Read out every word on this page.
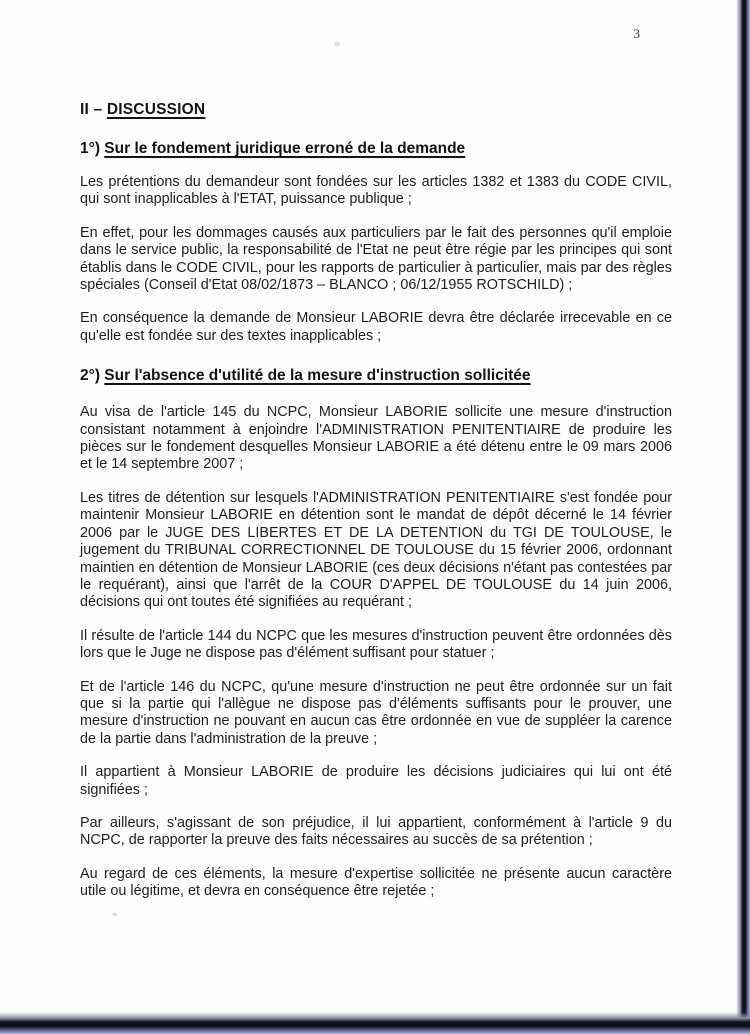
3
II – DISCUSSION
1°) Sur le fondement juridique erroné de la demande

Les prétentions du demandeur sont fondées sur les articles 1382 et 1383 du CODE CIVIL, qui sont inapplicables à l'ETAT, puissance publique ;

En effet, pour les dommages causés aux particuliers par le fait des personnes qu'il emploie dans le service public, la responsabilité de l'Etat ne peut être régie par les principes qui sont établis dans le CODE CIVIL, pour les rapports de particulier à particulier, mais par des règles spéciales (Conseil d'Etat 08/02/1873 – BLANCO ; 06/12/1955 ROTSCHILD) ;

En conséquence la demande de Monsieur LABORIE devra être déclarée irrecevable en ce qu'elle est fondée sur des textes inapplicables ;

2°) Sur l'absence d'utilité de la mesure d'instruction sollicitée

Au visa de l'article 145 du NCPC, Monsieur LABORIE sollicite une mesure d'instruction consistant notamment à enjoindre l'ADMINISTRATION PENITENTIAIRE de produire les pièces sur le fondement desquelles Monsieur LABORIE a été détenu entre le 09 mars 2006 et le 14 septembre 2007 ;

Les titres de détention sur lesquels l'ADMINISTRATION PENITENTIAIRE s'est fondée pour maintenir Monsieur LABORIE en détention sont le mandat de dépôt décerné le 14 février 2006 par le JUGE DES LIBERTES ET DE LA DETENTION du TGI DE TOULOUSE, le jugement du TRIBUNAL CORRECTIONNEL DE TOULOUSE du 15 février 2006, ordonnant maintien en détention de Monsieur LABORIE (ces deux décisions n'étant pas contestées par le requérant), ainsi que l'arrêt de la COUR D'APPEL DE TOULOUSE du 14 juin 2006, décisions qui ont toutes été signifiées au requérant ;

Il résulte de l'article 144 du NCPC que les mesures d'instruction peuvent être ordonnées dès lors que le Juge ne dispose pas d'élément suffisant pour statuer ;

Et de l'article 146 du NCPC, qu'une mesure d'instruction ne peut être ordonnée sur un fait que si la partie qui l'allègue ne dispose pas d'éléments suffisants pour le prouver, une mesure d'instruction ne pouvant en aucun cas être ordonnée en vue de suppléer la carence de la partie dans l'administration de la preuve ;

Il appartient à Monsieur LABORIE de produire les décisions judiciaires qui lui ont été signifiées ;

Par ailleurs, s'agissant de son préjudice, il lui appartient, conformément à l'article 9 du NCPC, de rapporter la preuve des faits nécessaires au succès de sa prétention ;

Au regard de ces éléments, la mesure d'expertise sollicitée ne présente aucun caractère utile ou légitime, et devra en conséquence être rejetée ;
